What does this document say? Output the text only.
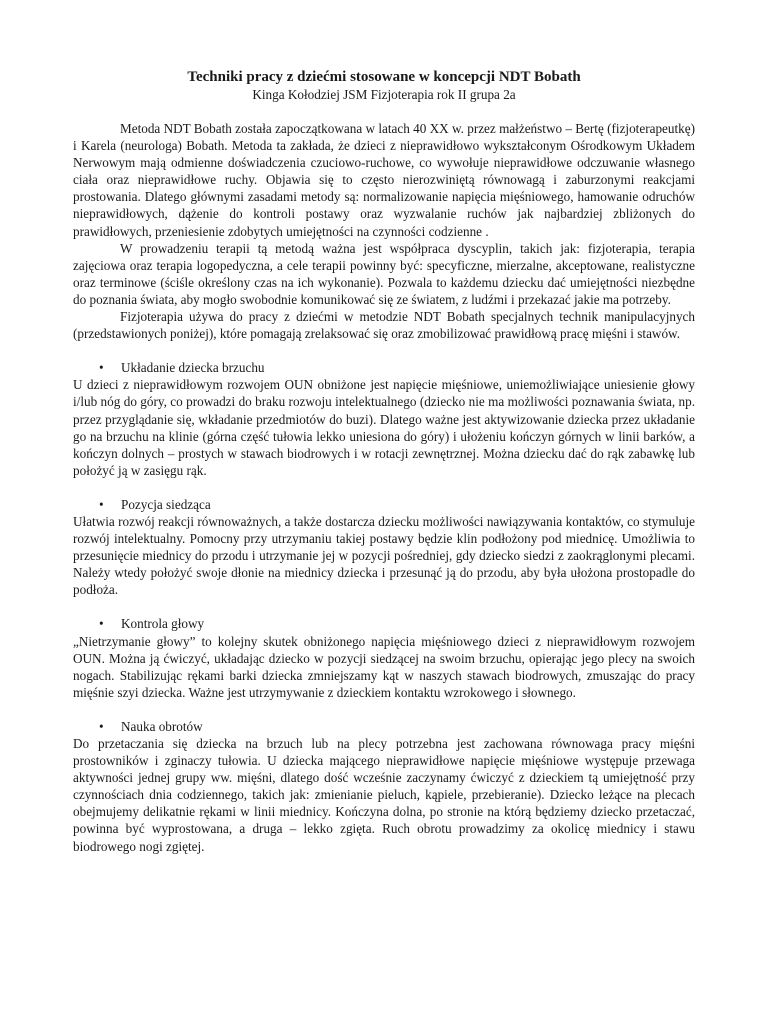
Techniki pracy z dziećmi stosowane w koncepcji NDT Bobath
Kinga Kołodziej JSM Fizjoterapia rok II grupa 2a

Metoda NDT Bobath została zapoczątkowana w latach 40 XX w. przez małżeństwo – Bertę (fizjoterapeutkę) i Karela (neurologa) Bobath. Metoda ta zakłada, że dzieci z nieprawidłowo wykształconym Ośrodkowym Układem Nerwowym mają odmienne doświadczenia czuciowo-ruchowe, co wywołuje nieprawidłowe odczuwanie własnego ciała oraz nieprawidłowe ruchy. Objawia się to często nierozwiniętą równowagą i zaburzonymi reakcjami prostowania. Dlatego głównymi zasadami metody są: normalizowanie napięcia mięśniowego, hamowanie odruchów nieprawidłowych, dążenie do kontroli postawy oraz wyzwalanie ruchów jak najbardziej zbliżonych do prawidłowych, przeniesienie zdobytych umiejętności na czynności codzienne .

W prowadzeniu terapii tą metodą ważna jest współpraca dyscyplin, takich jak: fizjoterapia, terapia zajęciowa oraz terapia logopedyczna, a cele terapii powinny być: specyficzne, mierzalne, akceptowane, realistyczne oraz terminowe (ściśle określony czas na ich wykonanie). Pozwala to każdemu dziecku dać umiejętności niezbędne do poznania świata, aby mogło swobodnie komunikować się ze światem, z ludźmi i przekazać jakie ma potrzeby.

Fizjoterapia używa do pracy z dziećmi w metodzie NDT Bobath specjalnych technik manipulacyjnych (przedstawionych poniżej), które pomagają zrelaksować się oraz zmobilizować prawidłową pracę mięśni i stawów.

•	Układanie dziecka brzuchu

U dzieci z nieprawidłowym rozwojem OUN obniżone jest napięcie mięśniowe, uniemożliwiające uniesienie głowy i/lub nóg do góry, co prowadzi do braku rozwoju intelektualnego (dziecko nie ma możliwości poznawania świata, np. przez przyglądanie się, wkładanie przedmiotów do buzi). Dlatego ważne jest aktywizowanie dziecka przez układanie go na brzuchu na klinie (górna część tułowia lekko uniesiona do góry) i ułożeniu kończyn górnych w linii barków, a kończyn dolnych – prostych w stawach biodrowych i w rotacji zewnętrznej. Można dziecku dać do rąk zabawkę lub położyć ją w zasięgu rąk.

•	Pozycja siedząca

Ułatwia rozwój reakcji równoważnych, a także dostarcza dziecku możliwości nawiązywania kontaktów, co stymuluje rozwój intelektualny. Pomocny przy utrzymaniu takiej postawy będzie klin podłożony pod miednicę. Umożliwia to przesunięcie miednicy do przodu i utrzymanie jej w pozycji pośredniej, gdy dziecko siedzi z zaokrąglonymi plecami. Należy wtedy położyć swoje dłonie na miednicy dziecka i przesunąć ją do przodu, aby była ułożona prostopadle do podłoża.

•	Kontrola głowy

„Nietrzymanie głowy” to kolejny skutek obniżonego napięcia mięśniowego dzieci z nieprawidłowym rozwojem OUN. Można ją ćwiczyć, układając dziecko w pozycji siedzącej na swoim brzuchu, opierając jego plecy na swoich nogach. Stabilizując rękami barki dziecka zmniejszamy kąt w naszych stawach biodrowych, zmuszając do pracy mięśnie szyi dziecka. Ważne jest utrzymywanie z dzieckiem kontaktu wzrokowego i słownego.

•	Nauka obrotów

Do przetaczania się dziecka na brzuch lub na plecy potrzebna jest zachowana równowaga pracy mięśni prostowników i zginaczy tułowia. U dziecka mającego nieprawidłowe napięcie mięśniowe występuje przewaga aktywności jednej grupy ww. mięśni, dlatego dość wcześnie zaczynamy ćwiczyć z dzieckiem tą umiejętność przy czynnościach dnia codziennego, takich jak: zmienianie pieluch, kąpiele, przebieranie). Dziecko leżące na plecach obejmujemy delikatnie rękami w linii miednicy. Kończyna dolna, po stronie na którą będziemy dziecko przetaczać, powinna być wyprostowana, a druga – lekko zgięta. Ruch obrotu prowadzimy za okolicę miednicy i stawu biodrowego nogi zgiętej.
